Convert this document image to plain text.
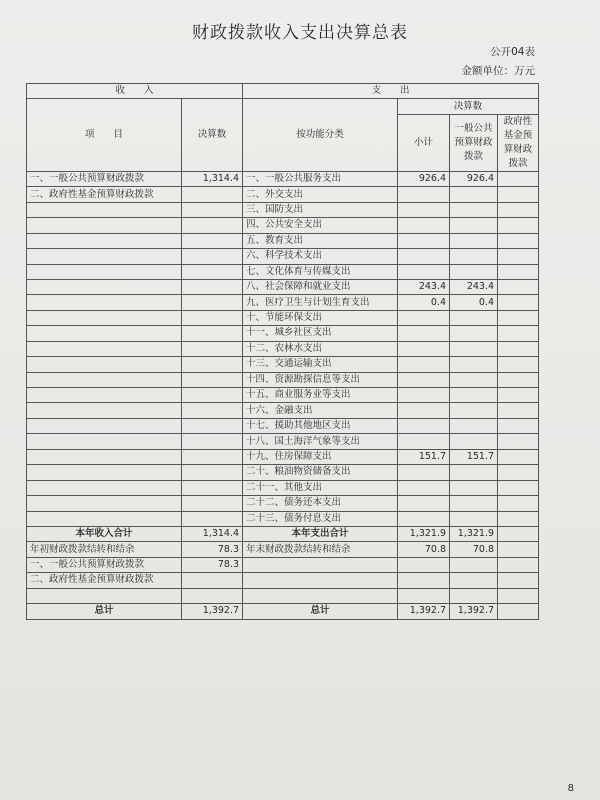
财政拨款收入支出决算总表
公开04表
金额单位：万元
收　　入		支　　出			
项　　目	决算数	按功能分类	决算数		
			小计	一般公共预算财政拨款	政府性基金预算财政拨款
一、一般公共预算财政拨款	1,314.4	一、一般公共服务支出	926.4	926.4	
二、政府性基金预算财政拨款		二、外交支出			
		三、国防支出			
		四、公共安全支出			
		五、教育支出			
		六、科学技术支出			
		七、文化体育与传媒支出			
		八、社会保障和就业支出	243.4	243.4	
		九、医疗卫生与计划生育支出	0.4	0.4	
		十、节能环保支出			
		十一、城乡社区支出			
		十二、农林水支出			
		十三、交通运输支出			
		十四、资源勘探信息等支出			
		十五、商业服务业等支出			
		十六、金融支出			
		十七、援助其他地区支出			
		十八、国土海洋气象等支出			
		十九、住房保障支出	151.7	151.7	
		二十、粮油物资储备支出			
		二十一、其他支出			
		二十二、债务还本支出			
		二十三、债务付息支出			
本年收入合计	1,314.4	本年支出合计	1,321.9	1,321.9	
年初财政拨款结转和结余	78.3	年末财政拨款结转和结余	70.8	70.8	
一、一般公共预算财政拨款	78.3				
二、政府性基金预算财政拨款					

总计	1,392.7	总计	1,392.7	1,392.7	
8
